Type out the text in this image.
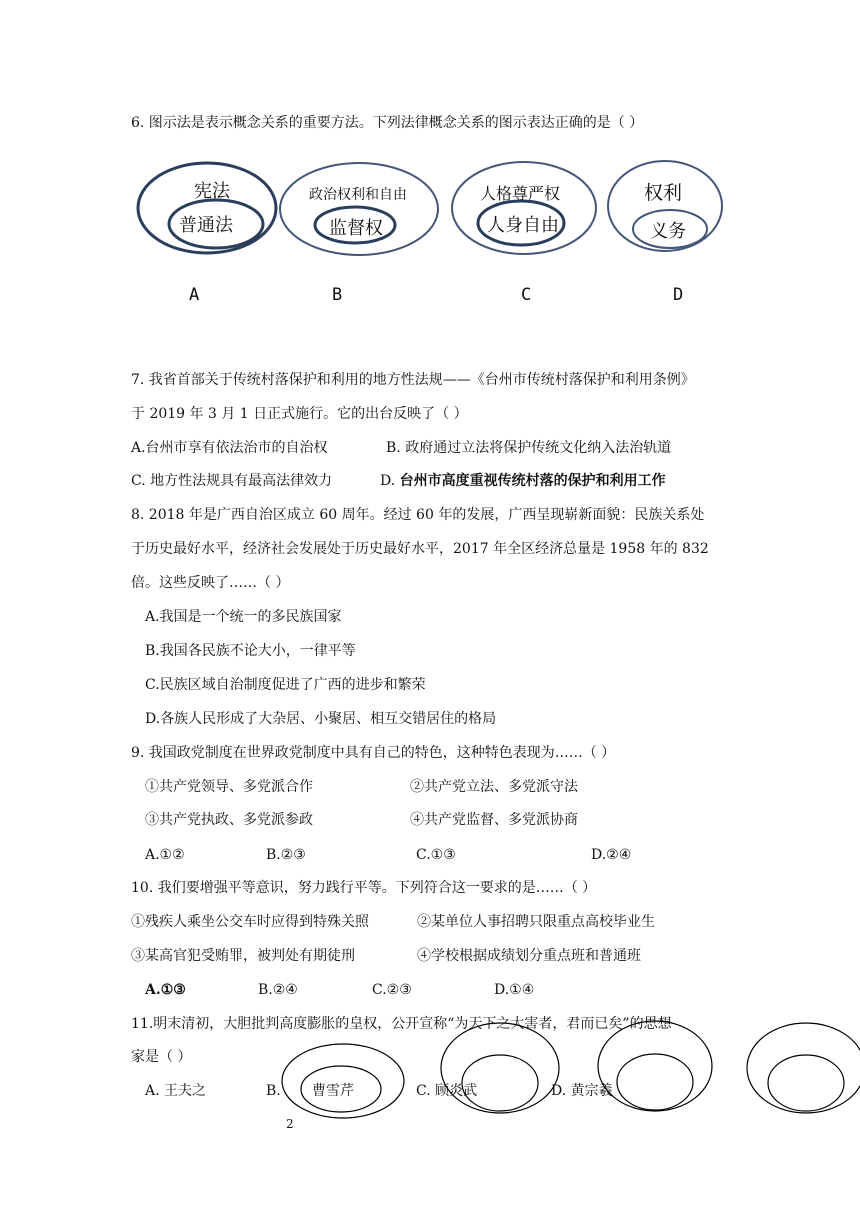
6. 图示法是表示概念关系的重要方法。下列法律概念关系的图示表达正确的是（ ）
宪法
普通法
政治权利和自由
监督权
人格尊严权
人身自由
权利
义务
A	B	C	D
7. 我省首部关于传统村落保护和利用的地方性法规——《台州市传统村落保护和利用条例》
于 2019 年 3 月 1 日正式施行。它的出台反映了（ ）
A.台州市享有依法治市的自治权	B. 政府通过立法将保护传统文化纳入法治轨道
C. 地方性法规具有最高法律效力	D. 台州市高度重视传统村落的保护和利用工作
8. 2018 年是广西自治区成立 60 周年。经过 60 年的发展，广西呈现崭新面貌：民族关系处
于历史最好水平，经济社会发展处于历史最好水平，2017 年全区经济总量是 1958 年的 832
倍。这些反映了……（ ）
A.我国是一个统一的多民族国家
B.我国各民族不论大小，一律平等
C.民族区域自治制度促进了广西的进步和繁荣
D.各族人民形成了大杂居、小聚居、相互交错居住的格局
9. 我国政党制度在世界政党制度中具有自己的特色，这种特色表现为……（ ）
①共产党领导、多党派合作	②共产党立法、多党派守法
③共产党执政、多党派参政	④共产党监督、多党派协商
A.①②	B.②③	C.①③	D.②④
10. 我们要增强平等意识，努力践行平等。下列符合这一要求的是……（ ）
①残疾人乘坐公交车时应得到特殊关照	②某单位人事招聘只限重点高校毕业生
③某高官犯受贿罪，被判处有期徒刑	④学校根据成绩划分重点班和普通班
A.①③	B.②④	C.②③	D.①④
11.明末清初，大胆批判高度膨胀的皇权，公开宣称“为天下之大害者，君而已矣”的思想
家是（ ）
A. 王夫之	B. 曹雪芹	C. 顾炎武	D. 黄宗羲
2
